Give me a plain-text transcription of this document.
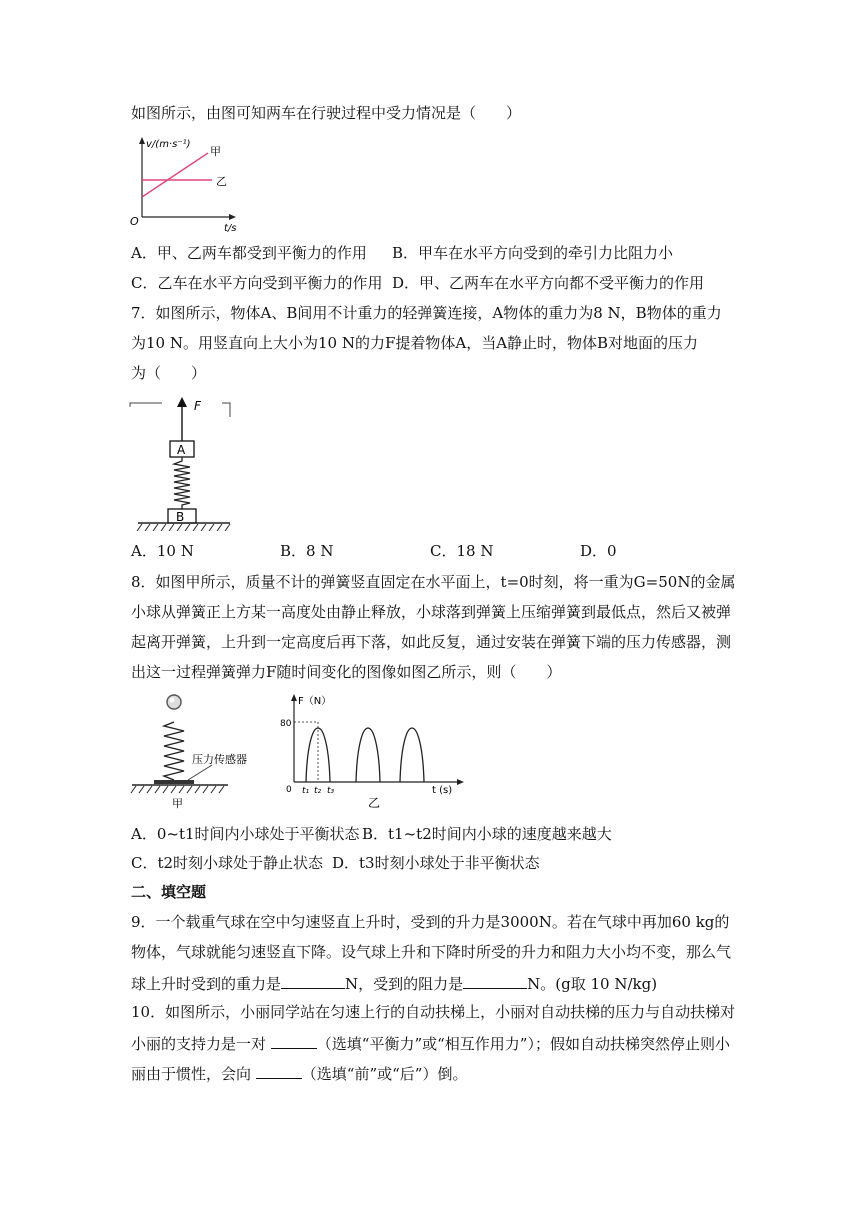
如图所示，由图可知两车在行驶过程中受力情况是（　　）
v/(m·s⁻¹)
甲
乙
O
t/s
A．甲、乙两车都受到平衡力的作用 B．甲车在水平方向受到的牵引力比阻力小
C．乙车在水平方向受到平衡力的作用 D．甲、乙两车在水平方向都不受平衡力的作用
7．如图所示，物体A、B间用不计重力的轻弹簧连接，A物体的重力为8 N，B物体的重力
为10 N。用竖直向上大小为10 N的力F提着物体A，当A静止时，物体B对地面的压力
为（　　）
F
A
B
A．10 N	B．8 N	C．18 N	D．0
8．如图甲所示，质量不计的弹簧竖直固定在水平面上，t=0时刻，将一重为G=50N的金属
小球从弹簧正上方某一高度处由静止释放，小球落到弹簧上压缩弹簧到最低点，然后又被弹
起离开弹簧，上升到一定高度后再下落，如此反复，通过安装在弹簧下端的压力传感器，测
出这一过程弹簧弹力F随时间变化的图像如图乙所示，则（　　）
压力传感器
甲
F（N）
80
0 t₁ t₂ t₃	t (s)
乙
A．0~t1时间内小球处于平衡状态 B．t1~t2时间内小球的速度越来越大
C．t2时刻小球处于静止状态 D．t3时刻小球处于非平衡状态
二、填空题
9．一个载重气球在空中匀速竖直上升时，受到的升力是3000N。若在气球中再加60 kg的
物体，气球就能匀速竖直下降。设气球上升和下降时所受的升力和阻力大小均不变，那么气
球上升时受到的重力是	N，受到的阻力是	N。(g取 10 N/kg)
10．如图所示，小丽同学站在匀速上行的自动扶梯上，小丽对自动扶梯的压力与自动扶梯对
小丽的支持力是一对	（选填“平衡力”或“相互作用力”）；假如自动扶梯突然停止则小
丽由于惯性，会向	（选填“前”或“后”）倒。
